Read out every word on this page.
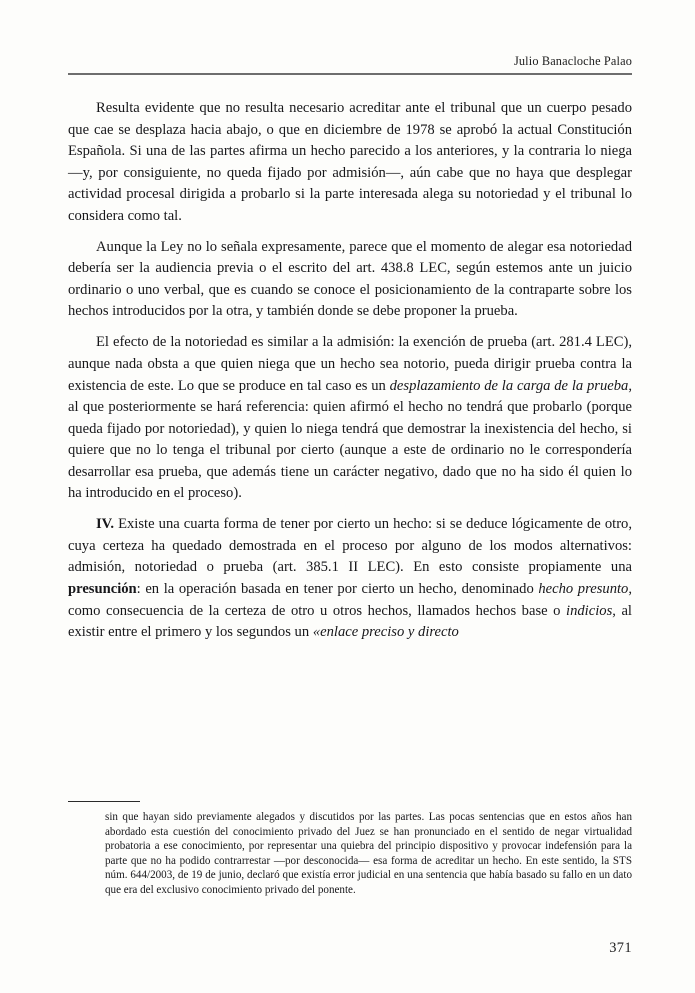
Julio Banacloche Palao

Resulta evidente que no resulta necesario acreditar ante el tribunal que un cuerpo pesado que cae se desplaza hacia abajo, o que en diciembre de 1978 se aprobó la actual Constitución Española. Si una de las partes afirma un hecho parecido a los anteriores, y la contraria lo niega —y, por consiguiente, no queda fijado por admisión—, aún cabe que no haya que desplegar actividad procesal dirigida a probarlo si la parte interesada alega su notoriedad y el tribunal lo considera como tal.

Aunque la Ley no lo señala expresamente, parece que el momento de alegar esa notoriedad debería ser la audiencia previa o el escrito del art. 438.8 LEC, según estemos ante un juicio ordinario o uno verbal, que es cuando se conoce el posicionamiento de la contraparte sobre los hechos introducidos por la otra, y también donde se debe proponer la prueba.

El efecto de la notoriedad es similar a la admisión: la exención de prueba (art. 281.4 LEC), aunque nada obsta a que quien niega que un hecho sea notorio, pueda dirigir prueba contra la existencia de este. Lo que se produce en tal caso es un desplazamiento de la carga de la prueba, al que posteriormente se hará referencia: quien afirmó el hecho no tendrá que probarlo (porque queda fijado por notoriedad), y quien lo niega tendrá que demostrar la inexistencia del hecho, si quiere que no lo tenga el tribunal por cierto (aunque a este de ordinario no le correspondería desarrollar esa prueba, que además tiene un carácter negativo, dado que no ha sido él quien lo ha introducido en el proceso).

IV. Existe una cuarta forma de tener por cierto un hecho: si se deduce lógicamente de otro, cuya certeza ha quedado demostrada en el proceso por alguno de los modos alternativos: admisión, notoriedad o prueba (art. 385.1 II LEC). En esto consiste propiamente una presunción: en la operación basada en tener por cierto un hecho, denominado hecho presunto, como consecuencia de la certeza de otro u otros hechos, llamados hechos base o indicios, al existir entre el primero y los segundos un «enlace preciso y directo

sin que hayan sido previamente alegados y discutidos por las partes. Las pocas sentencias que en estos años han abordado esta cuestión del conocimiento privado del Juez se han pronunciado en el sentido de negar virtualidad probatoria a ese conocimiento, por representar una quiebra del principio dispositivo y provocar indefensión para la parte que no ha podido contrarrestar —por desconocida— esa forma de acreditar un hecho. En este sentido, la STS núm. 644/2003, de 19 de junio, declaró que existía error judicial en una sentencia que había basado su fallo en un dato que era del exclusivo conocimiento privado del ponente.

371
